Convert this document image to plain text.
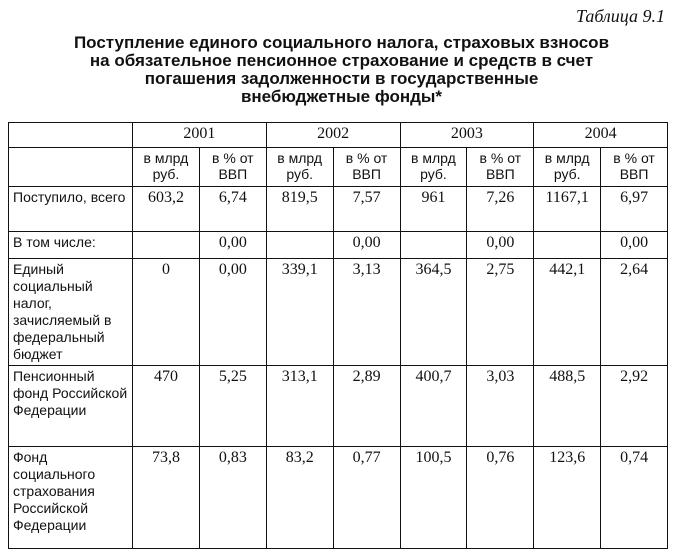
Таблица 9.1
Поступление единого социального налога, страховых взносов
на обязательное пенсионное страхование и средств в счет
погашения задолженности в государственные
внебюджетные фонды*
	2001		2002		2003		2004	
	в млрд руб.	в % от ВВП	в млрд руб.	в % от ВВП	в млрд руб.	в % от ВВП	в млрд руб.	в % от ВВП
Поступило, всего	603,2	6,74	819,5	7,57	961	7,26	1167,1	6,97
В том числе:		0,00		0,00		0,00		0,00
Единый социальный налог, зачисляемый в федеральный бюджет	0	0,00	339,1	3,13	364,5	2,75	442,1	2,64
Пенсионный фонд Российской Федерации	470	5,25	313,1	2,89	400,7	3,03	488,5	2,92
Фонд социального страхования Российской Федерации	73,8	0,83	83,2	0,77	100,5	0,76	123,6	0,74
